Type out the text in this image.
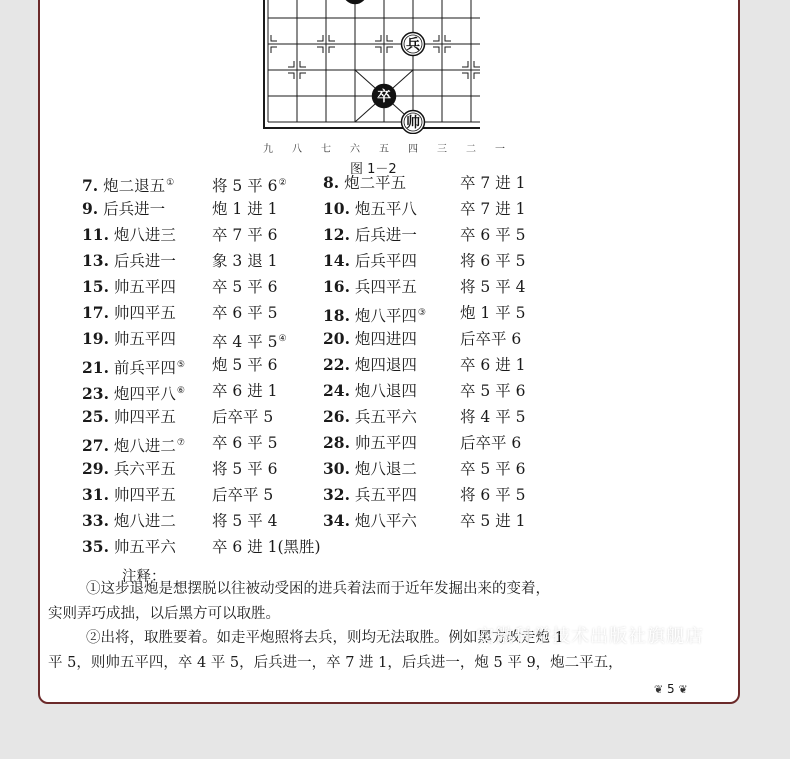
兵
卒
帅
九	八	七	六	五	四	三	二	一
图 1－2
7. 炮二退五① 将 5 平 6② 8. 炮二平五	卒 7 进 1
9. 后兵进一	炮 1 进 1	10. 炮五平八	卒 7 进 1
11. 炮八进三 卒 7 平 6	12. 后兵进一	卒 6 平 5
13. 后兵进一 象 3 退 1	14. 后兵平四	将 6 平 5
15. 帅五平四 卒 5 平 6	16. 兵四平五	将 5 平 4
17. 帅四平五 卒 6 平 5	18. 炮八平四③ 炮 1 平 5
19. 帅五平四 卒 4 平 5④ 20. 炮四进四	后卒平 6
21. 前兵平四⑤ 炮 5 平 6	22. 炮四退四	卒 6 进 1
23. 炮四平八⑥ 卒 6 进 1	24. 炮八退四	卒 5 平 6
25. 帅四平五 后卒平 5	26. 兵五平六	将 4 平 5
27. 炮八进二⑦ 卒 6 平 5	28. 帅五平四	后卒平 6
29. 兵六平五 将 5 平 6	30. 炮八退二	卒 5 平 6
31. 帅四平五 后卒平 5	32. 兵五平四	将 6 平 5
33. 炮八进二 将 5 平 4	34. 炮八平六	卒 5 进 1
35. 帅五平六 卒 6 进 1(黑胜)
注释：
①这步退炮是想摆脱以往被动受困的进兵着法而于近年发掘出来的变着，
实则弄巧成拙，以后黑方可以取胜。
②出将，取胜要着。如走平炮照将去兵，则均无法取胜。例如黑方改走炮 1
平 5，则帅五平四，卒 4 平 5，后兵进一，卒 7 进 1，后兵进一，炮 5 平 9，炮二平五，
❦ 5 ❦
安徽科学技术出版社旗舰店
